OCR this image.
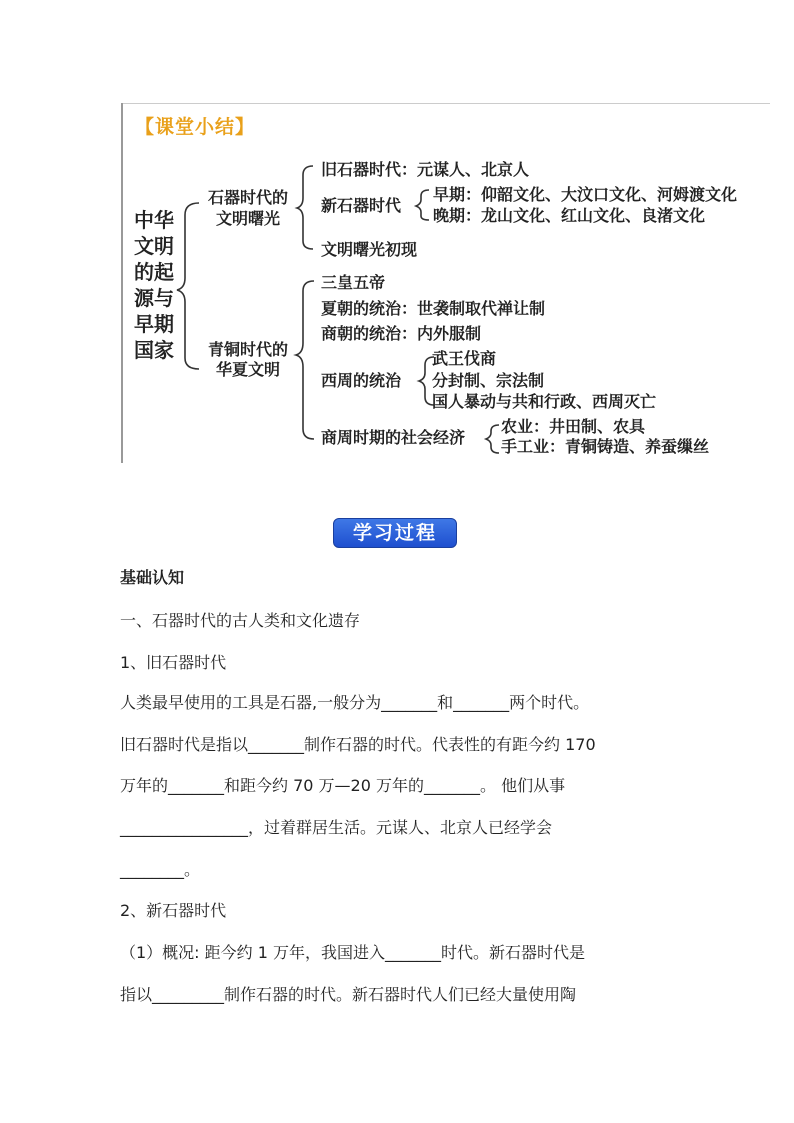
【课堂小结】
中华文明的起源与早期国家
石器时代的
文明曙光
旧石器时代：元谋人、北京人
新石器时代
早期：仰韶文化、大汶口文化、河姆渡文化
晚期：龙山文化、红山文化、良渚文化
文明曙光初现
青铜时代的
华夏文明
三皇五帝
夏朝的统治：世袭制取代禅让制
商朝的统治：内外服制
西周的统治
武王伐商
分封制、宗法制
国人暴动与共和行政、西周灭亡
商周时期的社会经济
农业：井田制、农具
手工业：青铜铸造、养蚕缫丝
学习过程
基础认知
一、石器时代的古人类和文化遗存
1、旧石器时代
人类最早使用的工具是石器,一般分为_______和_______两个时代。
旧石器时代是指以_______制作石器的时代。代表性的有距今约 170
万年的_______和距今约 70 万—20 万年的_______。 他们从事
________________，过着群居生活。元谋人、北京人已经学会
________。
2、新石器时代
（1）概况: 距今约 1 万年，我国进入_______时代。新石器时代是
指以_________制作石器的时代。新石器时代人们已经大量使用陶
